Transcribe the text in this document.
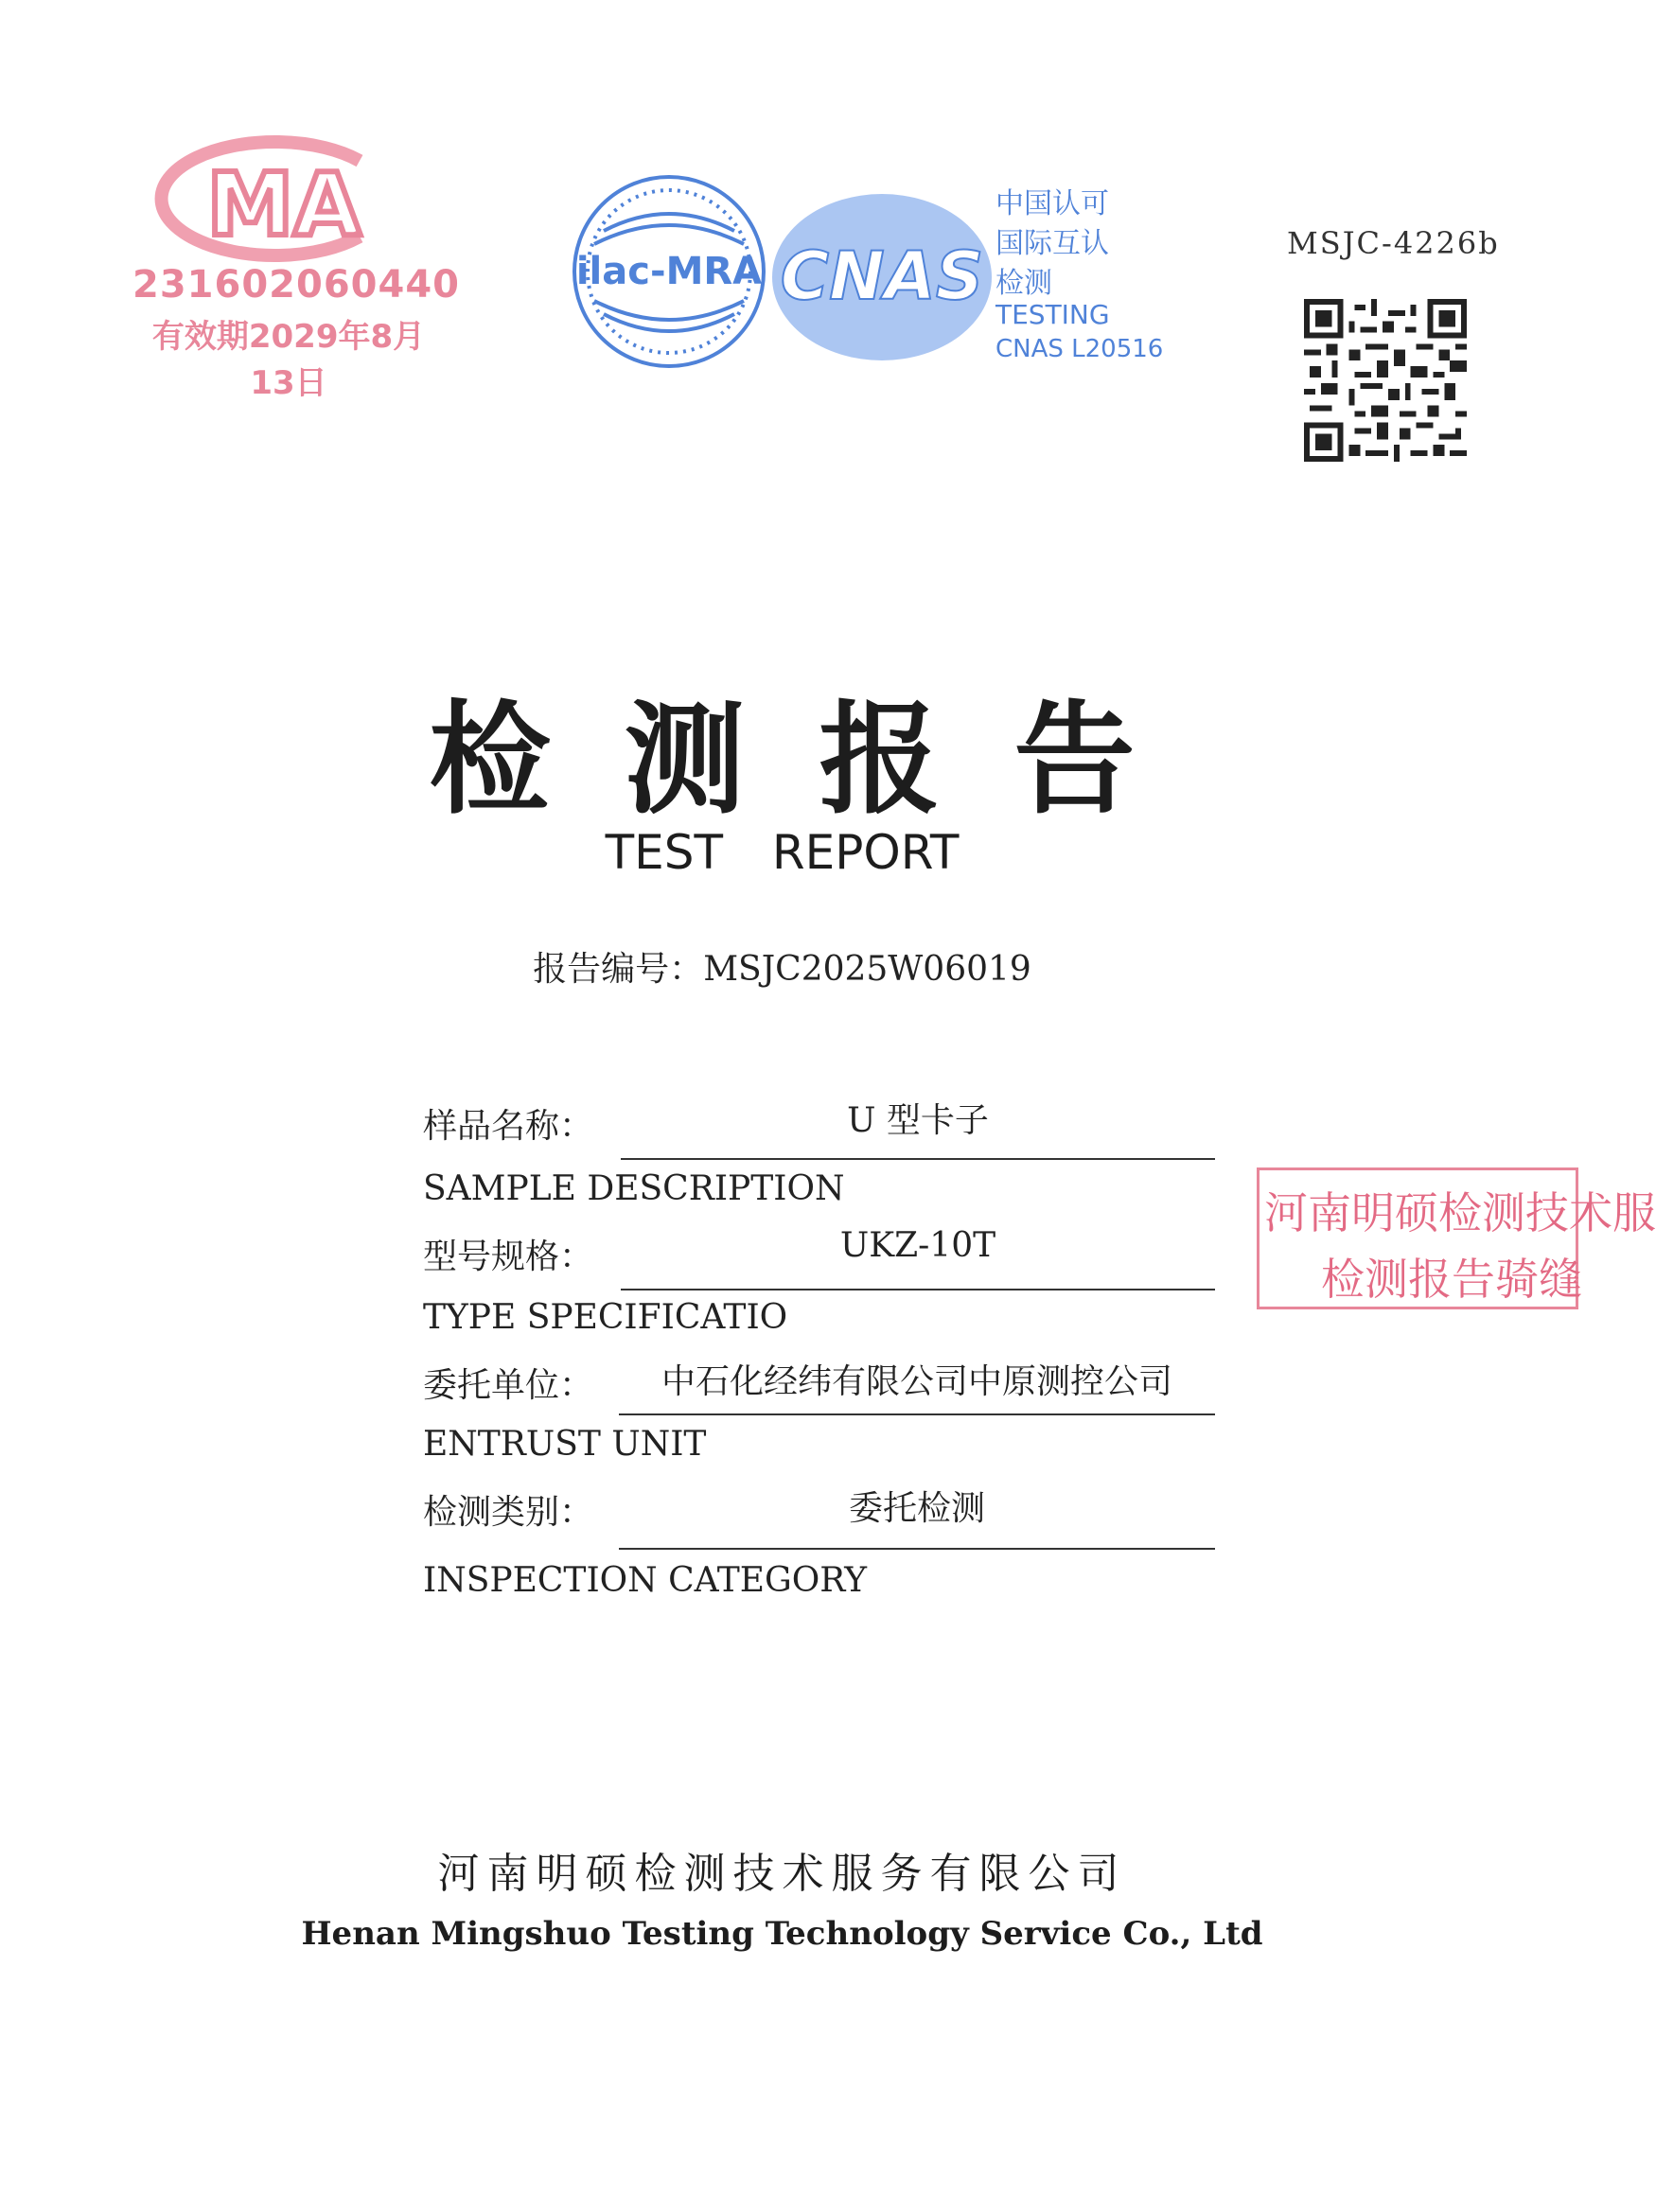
MA
231602060440
有效期2029年8月13日
ilac-MRA CNAS
中国认可
国际互认
检测
TESTING
CNAS L20516
MSJC-4226b
检测报告
TEST REPORT
报告编号：MSJC2025W06019
样品名称：	U 型卡子
SAMPLE DESCRIPTION
型号规格：	UKZ-10T
TYPE SPECIFICATIO
委托单位：	中石化经纬有限公司中原测控公司
ENTRUST UNIT
检测类别：	委托检测
INSPECTION CATEGORY
河南明硕检测技术服
检测报告骑缝
河南明硕检测技术服务有限公司
Henan Mingshuo Testing Technology Service Co., Ltd
